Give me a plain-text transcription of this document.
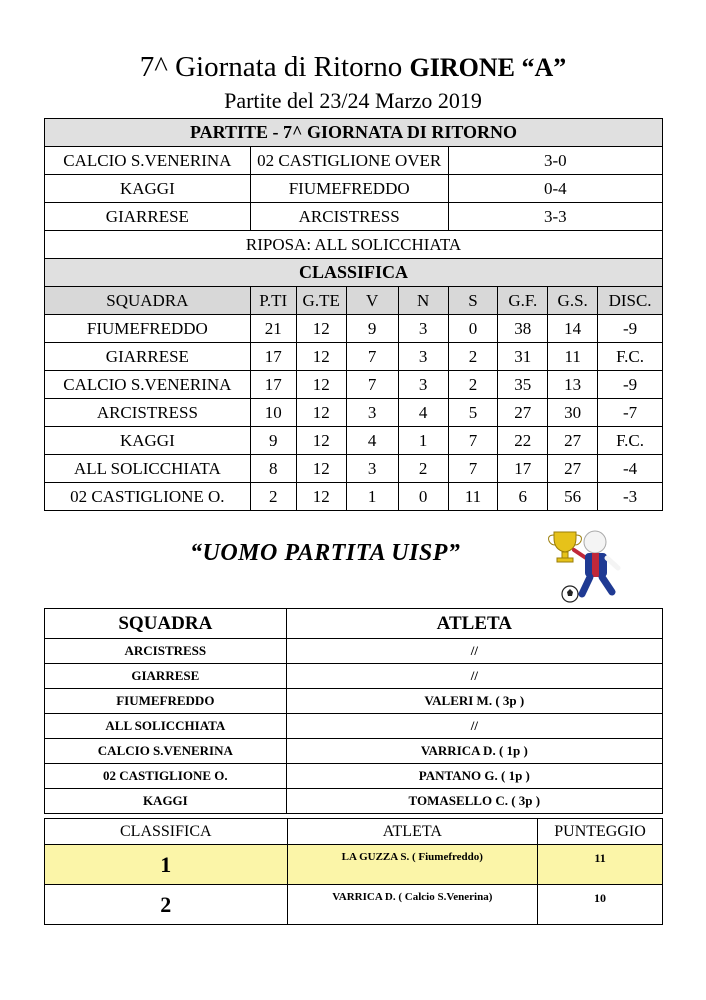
7^ Giornata di Ritorno GIRONE “A”
Partite del 23/24 Marzo 2019
PARTITE - 7^ GIORNATA DI RITORNO								
CALCIO S.VENERINA	02 CASTIGLIONE OVER				3-0			
KAGGI	FIUMEFREDDO				0-4			
GIARRESE	ARCISTRESS				3-3			
RIPOSA: ALL SOLICCHIATA								
CLASSIFICA								
SQUADRA	P.TI	G.TE	V	N	S	G.F.	G.S.	DISC.
FIUMEFREDDO	21	12	9	3	0	38	14	-9
GIARRESE	17	12	7	3	2	31	11	F.C.
CALCIO S.VENERINA	17	12	7	3	2	35	13	-9
ARCISTRESS	10	12	3	4	5	27	30	-7
KAGGI	9	12	4	1	7	22	27	F.C.
ALL SOLICCHIATA	8	12	3	2	7	17	27	-4
02 CASTIGLIONE O.	2	12	1	0	11	6	56	-3
“UOMO PARTITA UISP”
SQUADRA	ATLETA
ARCISTRESS	//
GIARRESE	//
FIUMEFREDDO	VALERI M. ( 3p )
ALL SOLICCHIATA	//
CALCIO S.VENERINA	VARRICA D. ( 1p )
02 CASTIGLIONE O.	PANTANO G. ( 1p )
KAGGI	TOMASELLO C. ( 3p )
CLASSIFICA	ATLETA	PUNTEGGIO
1	LA GUZZA S. ( Fiumefreddo)	11
2	VARRICA D. ( Calcio S.Venerina)	10
